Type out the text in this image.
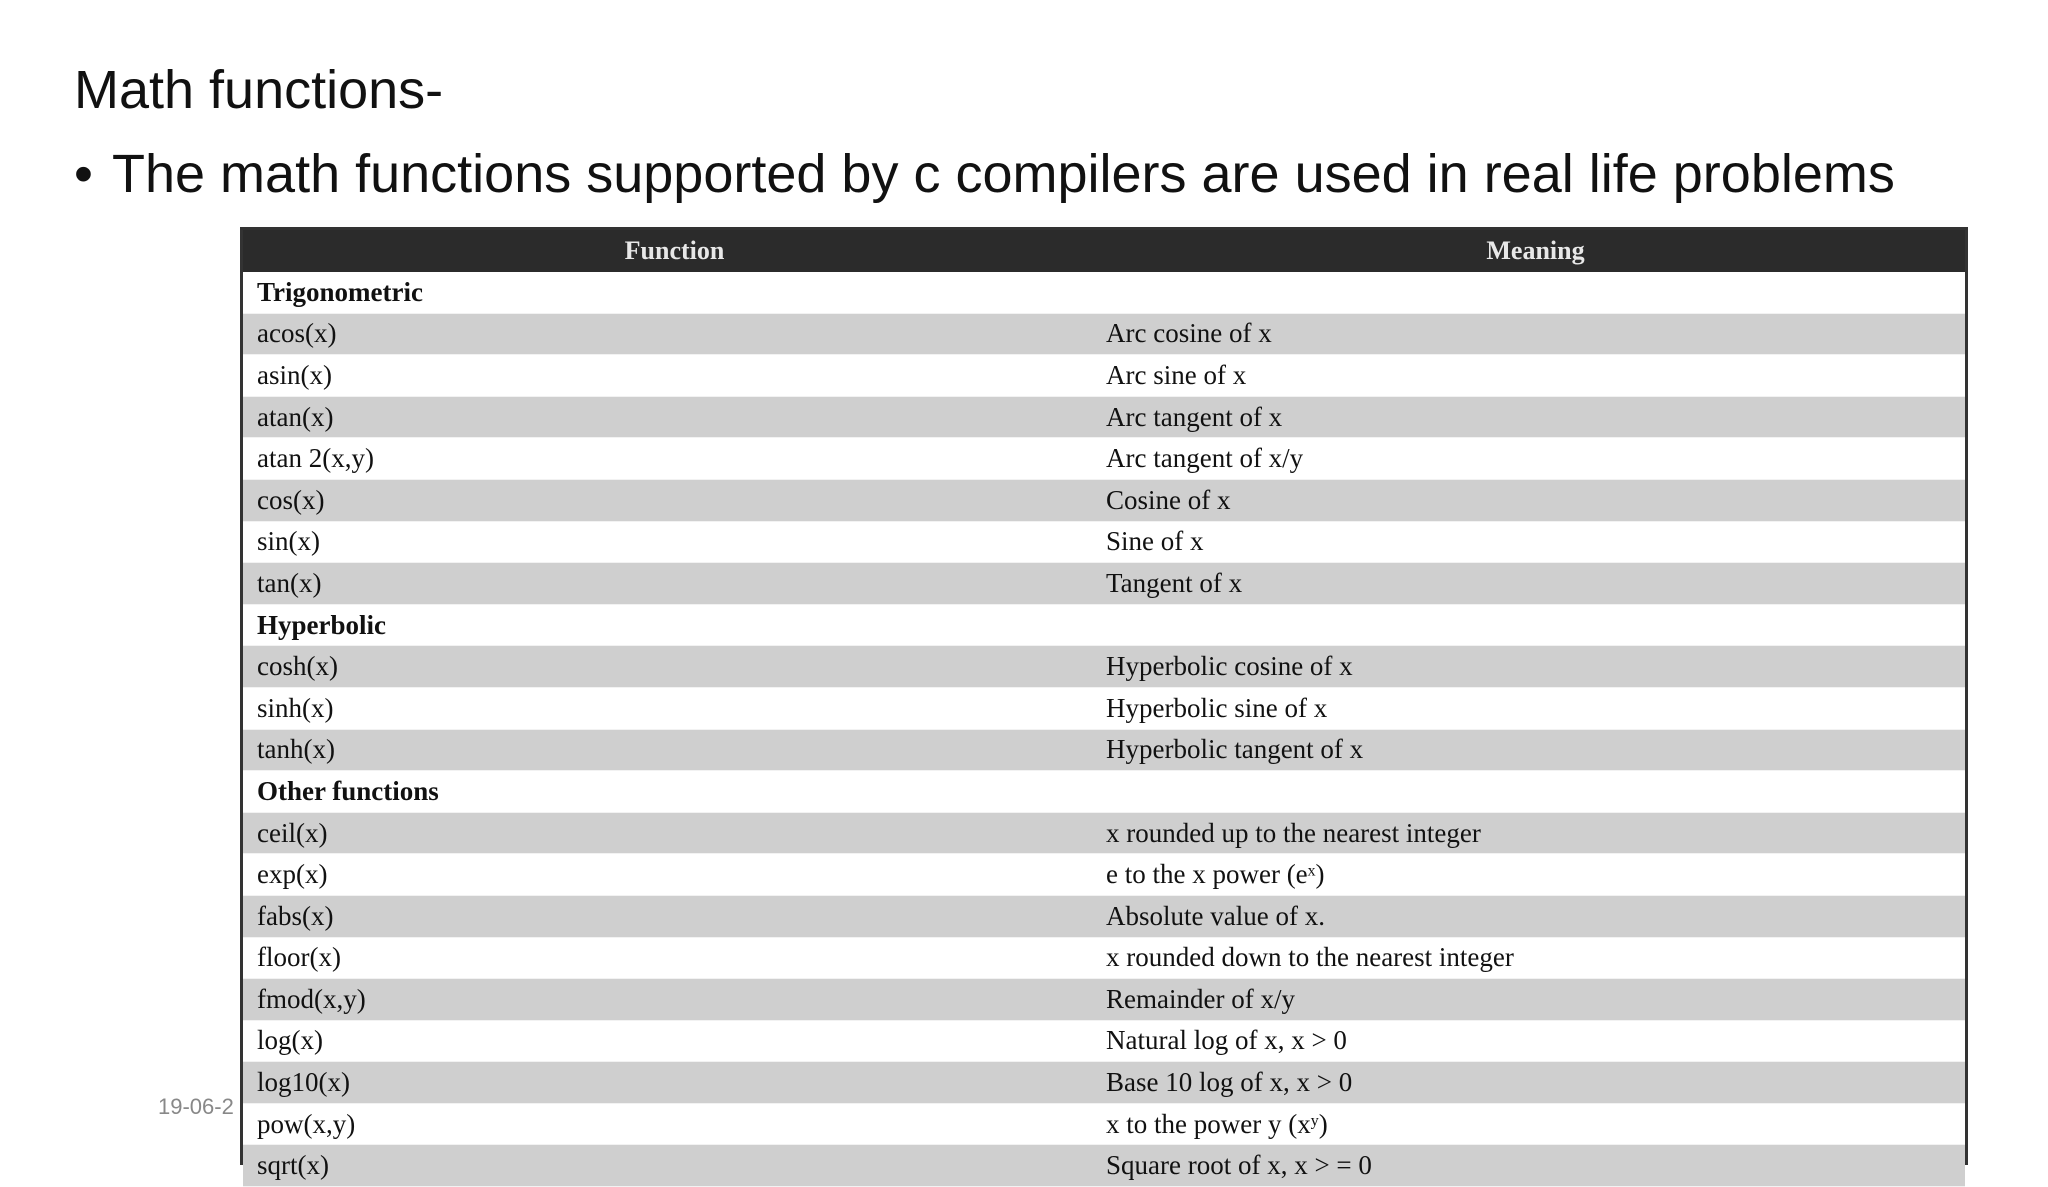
Math functions-
• The math functions supported by c compilers are used in real life problems
19-06-2
Function	Meaning
Trigonometric	
acos(x)	Arc cosine of x
asin(x)	Arc sine of x
atan(x)	Arc tangent of x
atan 2(x,y)	Arc tangent of x/y
cos(x)	Cosine of x
sin(x)	Sine of x
tan(x)	Tangent of x
Hyperbolic	
cosh(x)	Hyperbolic cosine of x
sinh(x)	Hyperbolic sine of x
tanh(x)	Hyperbolic tangent of x
Other functions	
ceil(x)	x rounded up to the nearest integer
exp(x)	e to the x power (eˣ)
fabs(x)	Absolute value of x.
floor(x)	x rounded down to the nearest integer
fmod(x,y)	Remainder of x/y
log(x)	Natural log of x, x > 0
log10(x)	Base 10 log of x, x > 0
pow(x,y)	x to the power y (xʸ)
sqrt(x)	Square root of x, x > = 0
